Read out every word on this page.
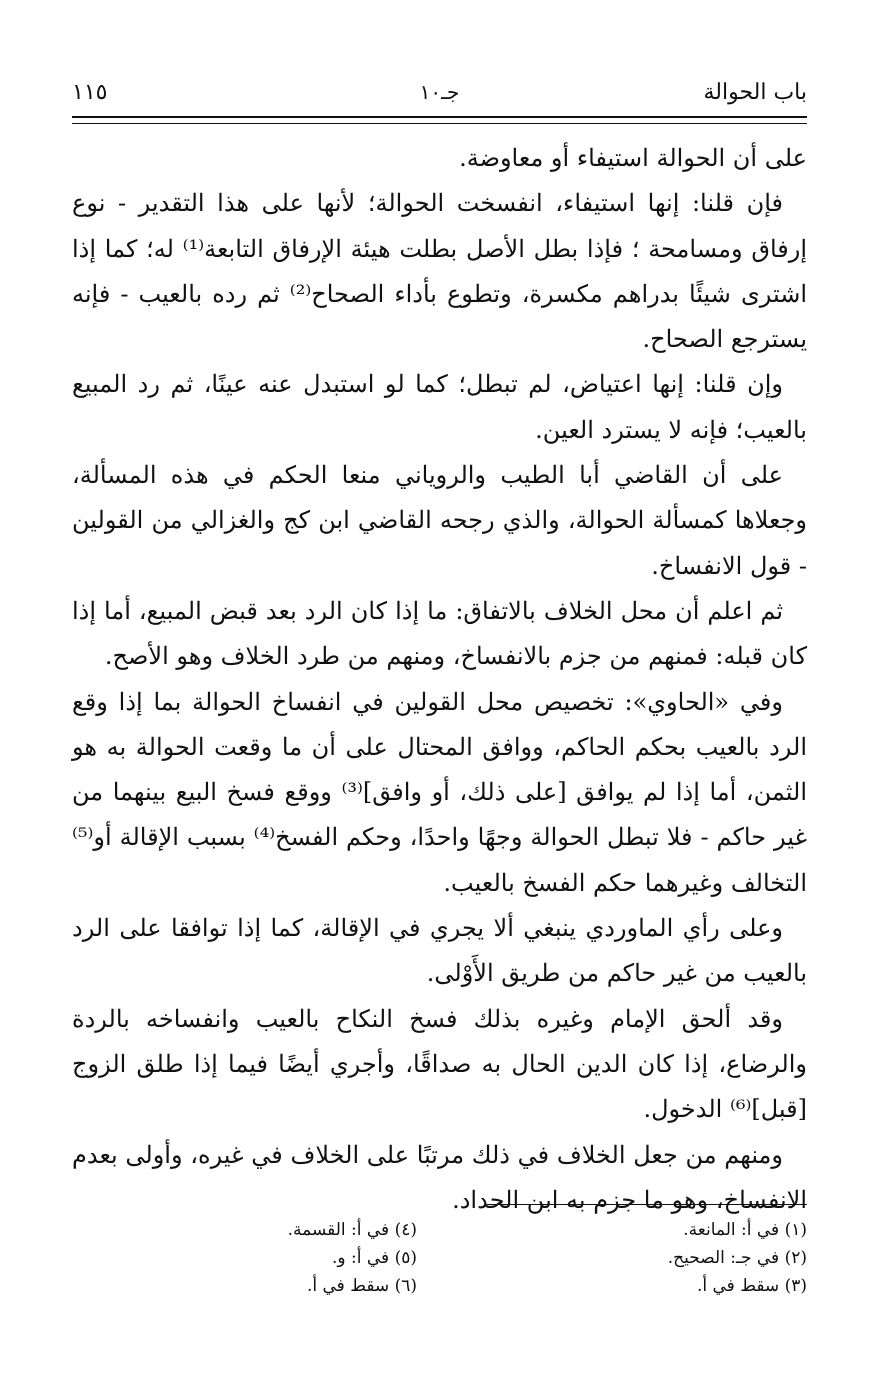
باب الحوالة
جـ١٠
١١٥

على أن الحوالة استيفاء أو معاوضة.

فإن قلنا: إنها استيفاء، انفسخت الحوالة؛ لأنها على هذا التقدير - نوع إرفاق ومسامحة ؛ فإذا بطل الأصل بطلت هيئة الإرفاق التابعة⁽¹⁾ له؛ كما إذا اشترى شيئًا بدراهم مكسرة، وتطوع بأداء الصحاح⁽²⁾ ثم رده بالعيب - فإنه يسترجع الصحاح.

وإن قلنا: إنها اعتياض، لم تبطل؛ كما لو استبدل عنه عينًا، ثم رد المبيع بالعيب؛ فإنه لا يسترد العين.

على أن القاضي أبا الطيب والروياني منعا الحكم في هذه المسألة، وجعلاها كمسألة الحوالة، والذي رجحه القاضي ابن كج والغزالي من القولين - قول الانفساخ.

ثم اعلم أن محل الخلاف بالاتفاق: ما إذا كان الرد بعد قبض المبيع، أما إذا كان قبله: فمنهم من جزم بالانفساخ، ومنهم من طرد الخلاف وهو الأصح.

وفي «الحاوي»: تخصيص محل القولين في انفساخ الحوالة بما إذا وقع الرد بالعيب بحكم الحاكم، ووافق المحتال على أن ما وقعت الحوالة به هو الثمن، أما إذا لم يوافق [على ذلك، أو وافق]⁽³⁾ ووقع فسخ البيع بينهما من غير حاكم - فلا تبطل الحوالة وجهًا واحدًا، وحكم الفسخ⁽⁴⁾ بسبب الإقالة أو⁽⁵⁾ التخالف وغيرهما حكم الفسخ بالعيب.

وعلى رأي الماوردي ينبغي ألا يجري في الإقالة، كما إذا توافقا على الرد بالعيب من غير حاكم من طريق الأَوْلى.

وقد ألحق الإمام وغيره بذلك فسخ النكاح بالعيب وانفساخه بالردة والرضاع، إذا كان الدين الحال به صداقًا، وأجري أيضًا فيما إذا طلق الزوج [قبل]⁽⁶⁾ الدخول.

ومنهم من جعل الخلاف في ذلك مرتبًا على الخلاف في غيره، وأولى بعدم الانفساخ، وهو ما جزم به ابن الحداد.

(١) في أ: المانعة.
(٢) في جـ: الصحيح.
(٣) سقط في أ.
(٤) في أ: القسمة.
(٥) في أ: و.
(٦) سقط في أ.
